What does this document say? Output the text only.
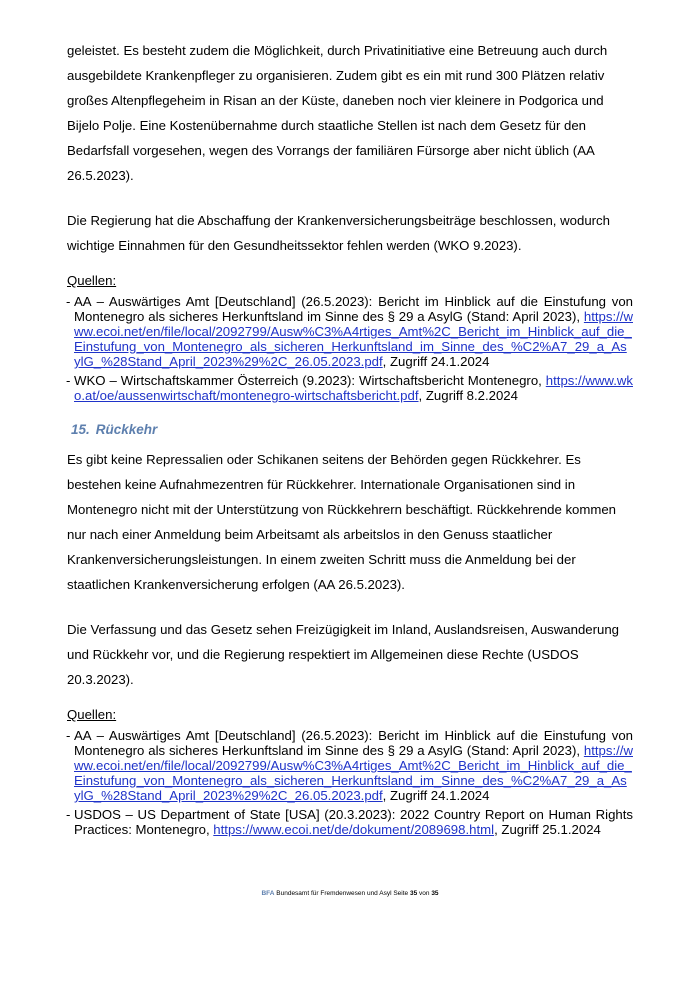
geleistet. Es besteht zudem die Möglichkeit, durch Privatinitiative eine Betreuung auch durch ausgebildete Krankenpfleger zu organisieren. Zudem gibt es ein mit rund 300 Plätzen relativ großes Altenpflegeheim in Risan an der Küste, daneben noch vier kleinere in Podgorica und Bijelo Polje. Eine Kostenübernahme durch staatliche Stellen ist nach dem Gesetz für den Bedarfsfall vorgesehen, wegen des Vorrangs der familiären Fürsorge aber nicht üblich (AA 26.5.2023).

Die Regierung hat die Abschaffung der Krankenversicherungsbeiträge beschlossen, wodurch wichtige Einnahmen für den Gesundheitssektor fehlen werden (WKO 9.2023).

Quellen:

- AA – Auswärtiges Amt [Deutschland] (26.5.2023): Bericht im Hinblick auf die Einstufung von Montenegro als sicheres Herkunftsland im Sinne des § 29 a AsylG (Stand: April 2023), https://www.ecoi.net/en/file/local/2092799/Ausw%C3%A4rtiges_Amt%2C_Bericht_im_Hinblick_auf_die_Einstufung_von_Montenegro_als_sicheren_Herkunftsland_im_Sinne_des_%C2%A7_29_a_AsylG_%28Stand_April_2023%29%2C_26.05.2023.pdf, Zugriff 24.1.2024
- WKO – Wirtschaftskammer Österreich (9.2023): Wirtschaftsbericht Montenegro, https://www.wko.at/oe/aussenwirtschaft/montenegro-wirtschaftsbericht.pdf, Zugriff 8.2.2024
15. Rückkehr

Es gibt keine Repressalien oder Schikanen seitens der Behörden gegen Rückkehrer. Es bestehen keine Aufnahmezentren für Rückkehrer. Internationale Organisationen sind in Montenegro nicht mit der Unterstützung von Rückkehrern beschäftigt. Rückkehrende kommen nur nach einer Anmeldung beim Arbeitsamt als arbeitslos in den Genuss staatlicher Krankenversicherungsleistungen. In einem zweiten Schritt muss die Anmeldung bei der staatlichen Krankenversicherung erfolgen (AA 26.5.2023).

Die Verfassung und das Gesetz sehen Freizügigkeit im Inland, Auslandsreisen, Auswanderung und Rückkehr vor, und die Regierung respektiert im Allgemeinen diese Rechte (USDOS 20.3.2023).

Quellen:

- AA – Auswärtiges Amt [Deutschland] (26.5.2023): Bericht im Hinblick auf die Einstufung von Montenegro als sicheres Herkunftsland im Sinne des § 29 a AsylG (Stand: April 2023), https://www.ecoi.net/en/file/local/2092799/Ausw%C3%A4rtiges_Amt%2C_Bericht_im_Hinblick_auf_die_Einstufung_von_Montenegro_als_sicheren_Herkunftsland_im_Sinne_des_%C2%A7_29_a_AsylG_%28Stand_April_2023%29%2C_26.05.2023.pdf, Zugriff 24.1.2024
- USDOS – US Department of State [USA] (20.3.2023): 2022 Country Report on Human Rights Practices: Montenegro, https://www.ecoi.net/de/dokument/2089698.html, Zugriff 25.1.2024
BFA Bundesamt für Fremdenwesen und Asyl Seite 35 von 35
